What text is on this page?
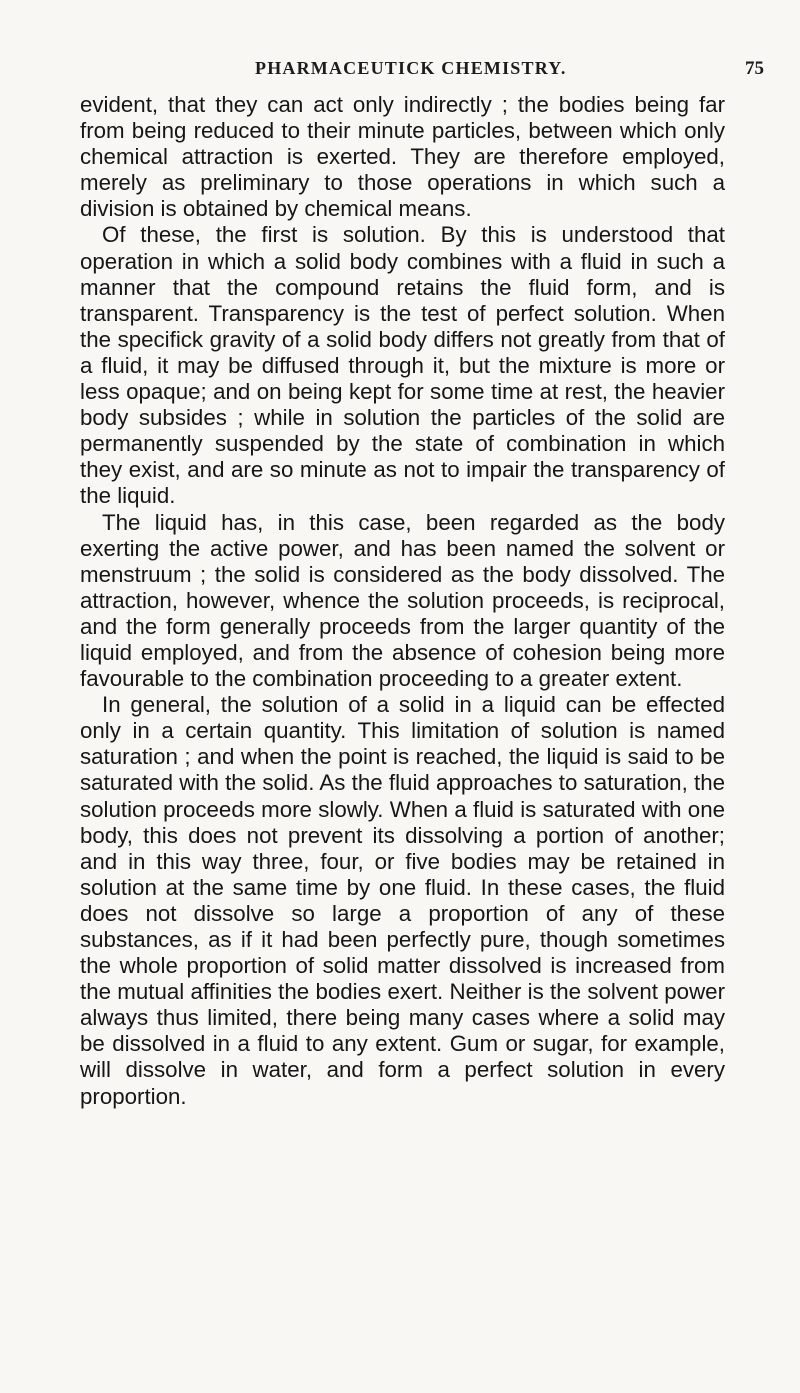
PHARMACEUTICK CHEMISTRY.	75

evident, that they can act only indirectly ; the bodies being far from being reduced to their minute particles, between which only chemical attraction is exerted. They are therefore employed, merely as preliminary to those operations in which such a division is obtained by chemical means.

Of these, the first is solution. By this is understood that operation in which a solid body combines with a fluid in such a manner that the compound retains the fluid form, and is transparent. Transparency is the test of perfect solution. When the specifick gravity of a solid body differs not greatly from that of a fluid, it may be diffused through it, but the mixture is more or less opaque; and on being kept for some time at rest, the heavier body subsides ; while in solution the particles of the solid are permanently suspended by the state of combination in which they exist, and are so minute as not to impair the transparency of the liquid.

The liquid has, in this case, been regarded as the body exerting the active power, and has been named the solvent or menstruum ; the solid is considered as the body dissolved. The attraction, however, whence the solution proceeds, is reciprocal, and the form generally proceeds from the larger quantity of the liquid employed, and from the absence of cohesion being more favourable to the combination proceeding to a greater extent.

In general, the solution of a solid in a liquid can be effected only in a certain quantity. This limitation of solution is named saturation ; and when the point is reached, the liquid is said to be saturated with the solid. As the fluid approaches to saturation, the solution proceeds more slowly. When a fluid is saturated with one body, this does not prevent its dissolving a portion of another; and in this way three, four, or five bodies may be retained in solution at the same time by one fluid. In these cases, the fluid does not dissolve so large a proportion of any of these substances, as if it had been perfectly pure, though sometimes the whole proportion of solid matter dissolved is increased from the mutual affinities the bodies exert. Neither is the solvent power always thus limited, there being many cases where a solid may be dissolved in a fluid to any extent. Gum or sugar, for example, will dissolve in water, and form a perfect solution in every proportion.
